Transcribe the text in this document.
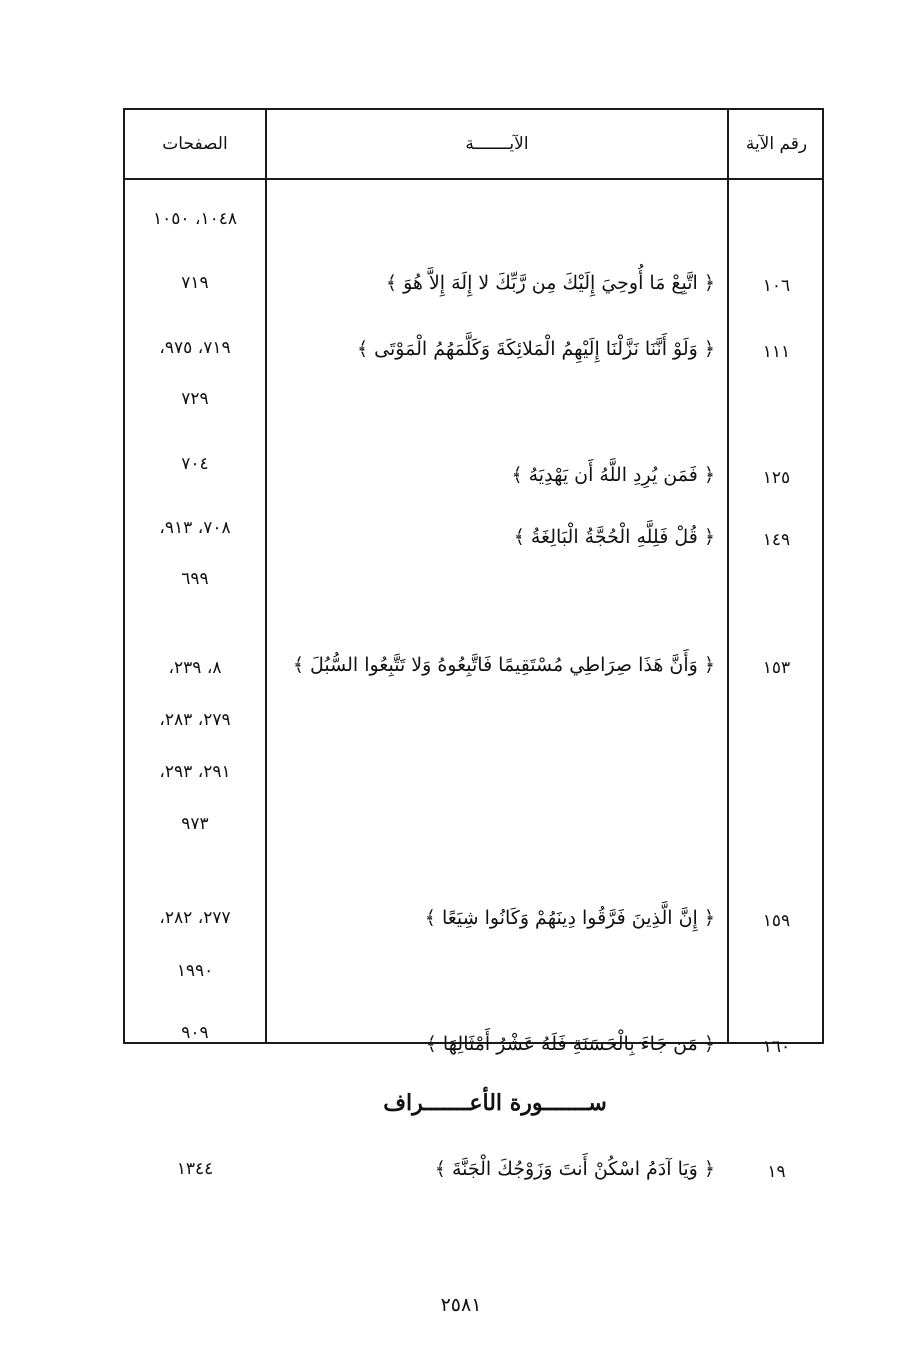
الصفحات	الآيـــــــة	رقم الآية
١٠٤٨، ١٠٥٠
٧١٩
٧١٩، ٩٧٥،
٧٢٩
٧٠٤
٧٠٨، ٩١٣،
٦٩٩
٨، ٢٣٩،
٢٧٩، ٢٨٣،
٢٩١، ٢٩٣،
٩٧٣
٢٧٧، ٢٨٢،
١٩٩٠
٩٠٩
١٣٤٤
﴿ اتَّبِعْ مَا أُوحِيَ إِلَيْكَ مِن رَّبِّكَ لا إِلَهَ إِلاَّ هُوَ ﴾
﴿ وَلَوْ أَنَّنَا نَزَّلْنَا إِلَيْهِمُ الْمَلائِكَةَ وَكَلَّمَهُمُ الْمَوْتَى ﴾
﴿ فَمَن يُرِدِ اللَّهُ أَن يَهْدِيَهُ ﴾
﴿ قُلْ فَلِلَّهِ الْحُجَّةُ الْبَالِغَةُ ﴾
﴿ وَأَنَّ هَذَا صِرَاطِي مُسْتَقِيمًا فَاتَّبِعُوهُ وَلا تَتَّبِعُوا السُّبُلَ ﴾
﴿ إِنَّ الَّذِينَ فَرَّقُوا دِينَهُمْ وَكَانُوا شِيَعًا ﴾
﴿ مَن جَاءَ بِالْحَسَنَةِ فَلَهُ عَشْرُ أَمْثَالِهَا ﴾
ســـــــورة الأعـــــــراف
﴿ وَيَا آدَمُ اسْكُنْ أَنتَ وَزَوْجُكَ الْجَنَّةَ ﴾
١٠٦
١١١
١٢٥
١٤٩
١٥٣
١٥٩
١٦٠
١٩
٢٥٨١
